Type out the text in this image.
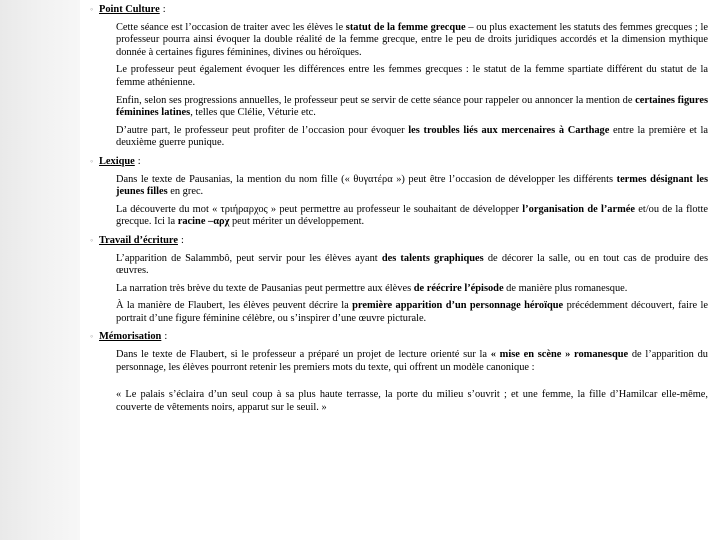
◦ Point Culture :
Cette séance est l’occasion de traiter avec les élèves le statut de la femme grecque – ou plus exactement les statuts des femmes grecques ; le professeur pourra ainsi évoquer la double réalité de la femme grecque, entre le peu de droits juridiques accordés et la dimension mythique donnée à certaines figures féminines, divines ou héroïques.
Le professeur peut également évoquer les différences entre les femmes grecques : le statut de la femme spartiate différent du statut de la femme athénienne.
Enfin, selon ses progressions annuelles, le professeur peut se servir de cette séance pour rappeler ou annoncer la mention de certaines figures féminines latines, telles que Clélie, Véturie etc.
D’autre part, le professeur peut profiter de l’occasion pour évoquer les troubles liés aux mercenaires à Carthage entre la première et la deuxième guerre punique.
◦ Lexique :
Dans le texte de Pausanias, la mention du nom fille (« θυγατέρα ») peut être l’occasion de développer les différents termes désignant les jeunes filles en grec.
La découverte du mot « τριήραρχος » peut permettre au professeur le souhaitant de développer l’organisation de l’armée et/ou de la flotte grecque. Ici la racine –αρχ peut mériter un développement.
◦ Travail d’écriture :
L’apparition de Salammbô, peut servir pour les élèves ayant des talents graphiques de décorer la salle, ou en tout cas de produire des œuvres.
La narration très brève du texte de Pausanias peut permettre aux élèves de réécrire l’épisode de manière plus romanesque.
À la manière de Flaubert, les élèves peuvent décrire la première apparition d’un personnage héroïque précédemment découvert, faire le portrait d’une figure féminine célèbre, ou s’inspirer d’une œuvre picturale.
◦ Mémorisation :
Dans le texte de Flaubert, si le professeur a préparé un projet de lecture orienté sur la « mise en scène » romanesque de l’apparition du personnage, les élèves pourront retenir les premiers mots du texte, qui offrent un modèle canonique :
« Le palais s’éclaira d’un seul coup à sa plus haute terrasse, la porte du milieu s’ouvrit ; et une femme, la fille d’Hamilcar elle-même, couverte de vêtements noirs, apparut sur le seuil. »
